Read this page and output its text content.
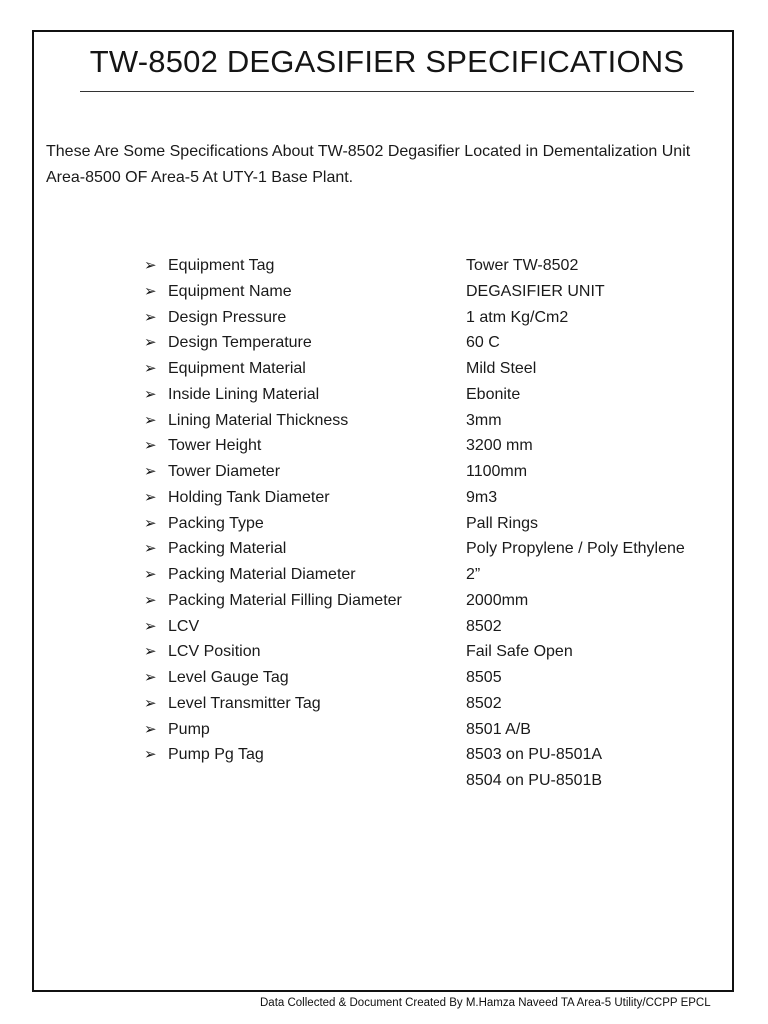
TW-8502 DEGASIFIER SPECIFICATIONS
These Are Some Specifications About TW-8502 Degasifier Located in Dementalization Unit Area-8500 OF Area-5 At UTY-1 Base Plant.
➢ Equipment Tag	Tower TW-8502
➢ Equipment Name	DEGASIFIER UNIT
➢ Design Pressure	1 atm Kg/Cm2
➢ Design Temperature	60 C
➢ Equipment Material	Mild Steel
➢ Inside Lining Material	Ebonite
➢ Lining Material Thickness	3mm
➢ Tower Height	3200 mm
➢ Tower Diameter	1100mm
➢ Holding Tank Diameter	9m3
➢ Packing Type	Pall Rings
➢ Packing Material	Poly Propylene / Poly Ethylene
➢ Packing Material Diameter	2”
➢ Packing Material Filling Diameter	2000mm
➢ LCV	8502
➢ LCV Position	Fail Safe Open
➢ Level Gauge Tag	8505
➢ Level Transmitter Tag	8502
➢ Pump	8501 A/B
➢ Pump Pg Tag	8503 on PU-8501A
8504 on PU-8501B
Data Collected & Document Created By M.Hamza Naveed TA Area-5 Utility/CCPP EPCL
